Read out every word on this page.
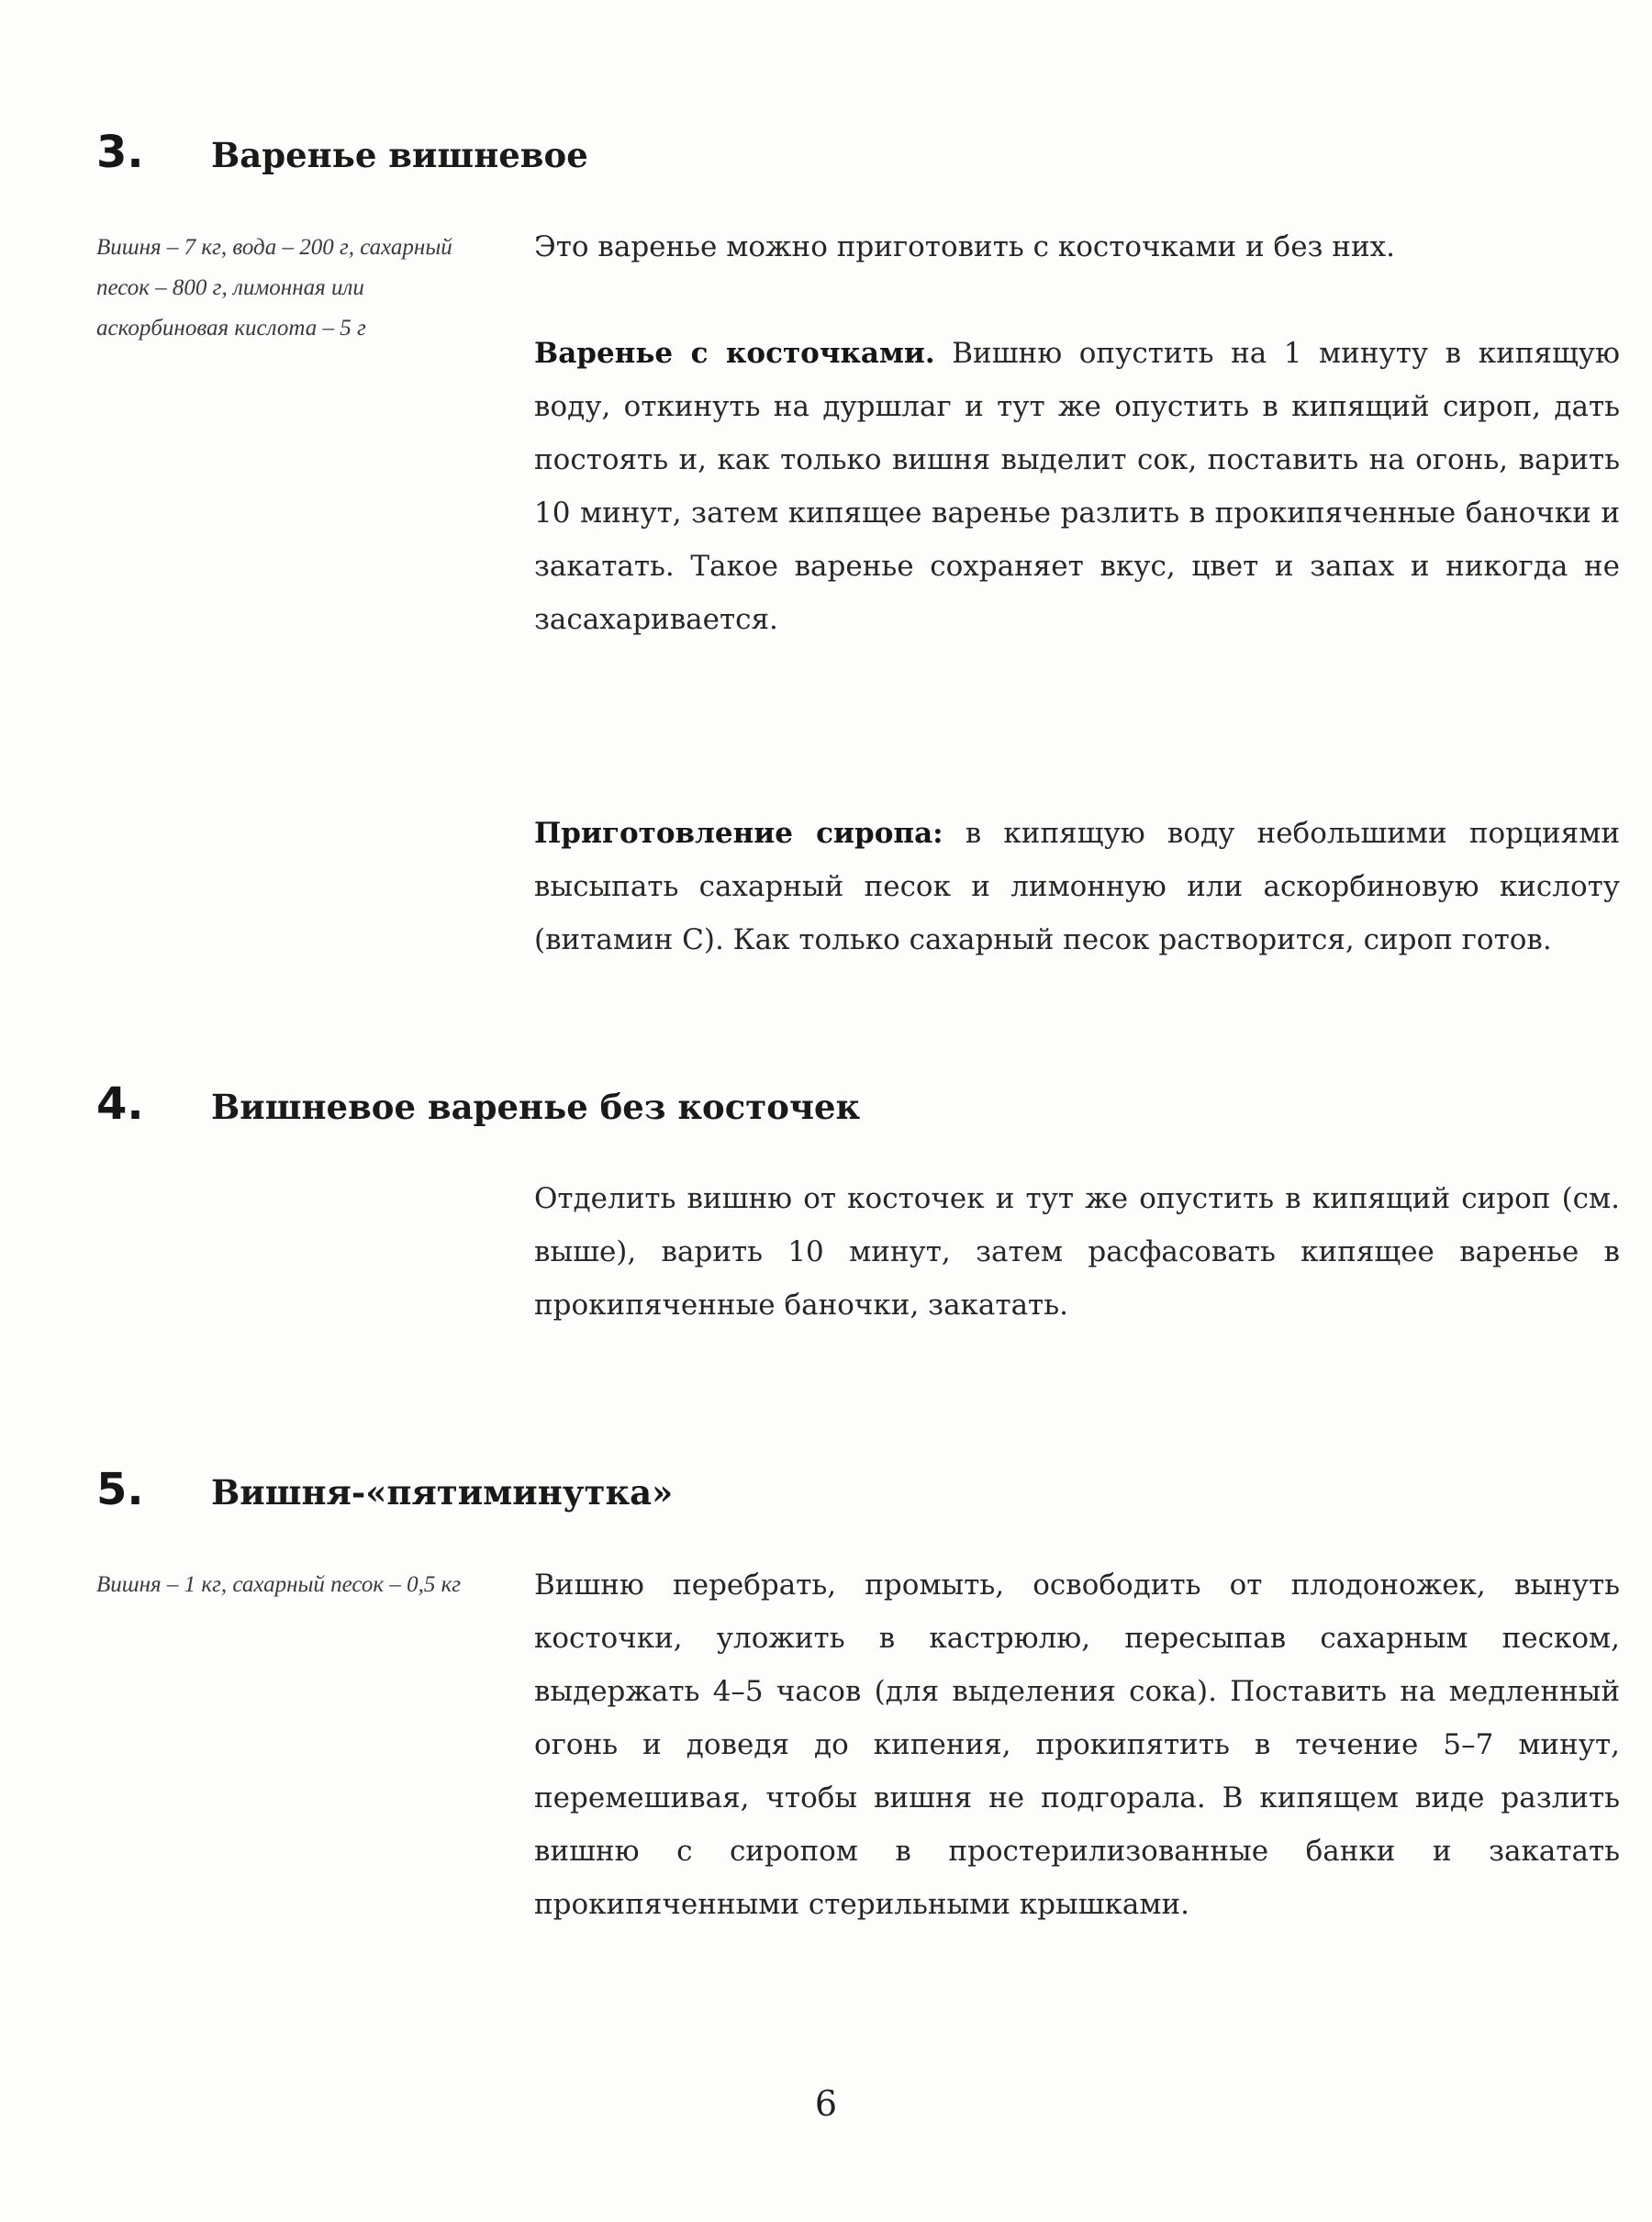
3.	Варенье вишневое

Вишня – 7 кг, вода – 200 г, сахарный песок – 800 г, лимонная или аскорбиновая кислота – 5 г

Это варенье можно приготовить с косточками и без них.

Варенье с косточками. Вишню опустить на 1 минуту в кипящую воду, откинуть на дуршлаг и тут же опустить в кипящий сироп, дать постоять и, как только вишня выделит сок, поставить на огонь, варить 10 минут, затем кипящее варенье разлить в прокипяченные баночки и закатать. Такое варенье сохраняет вкус, цвет и запах и никогда не засахаривается.

Приготовление сиропа: в кипящую воду небольшими порциями высыпать сахарный песок и лимонную или аскорбиновую кислоту (витамин С). Как только сахарный песок растворится, сироп готов.

4.	Вишневое варенье без косточек

Отделить вишню от косточек и тут же опустить в кипящий сироп (см. выше), варить 10 минут, затем расфасовать кипящее варенье в прокипяченные баночки, закатать.

5.	Вишня-«пятиминутка»

Вишня – 1 кг, сахарный песок – 0,5 кг	Вишню перебрать, промыть, освободить от плодоножек, вынуть косточки, уложить в кастрюлю, пересыпав сахарным песком, выдержать 4–5 часов (для выделения сока). Поставить на медленный огонь и доведя до кипения, прокипятить в течение 5–7 минут, перемешивая, чтобы вишня не подгорала. В кипящем виде разлить вишню с сиропом в простерилизованные банки и закатать прокипяченными стерильными крышками.

6
